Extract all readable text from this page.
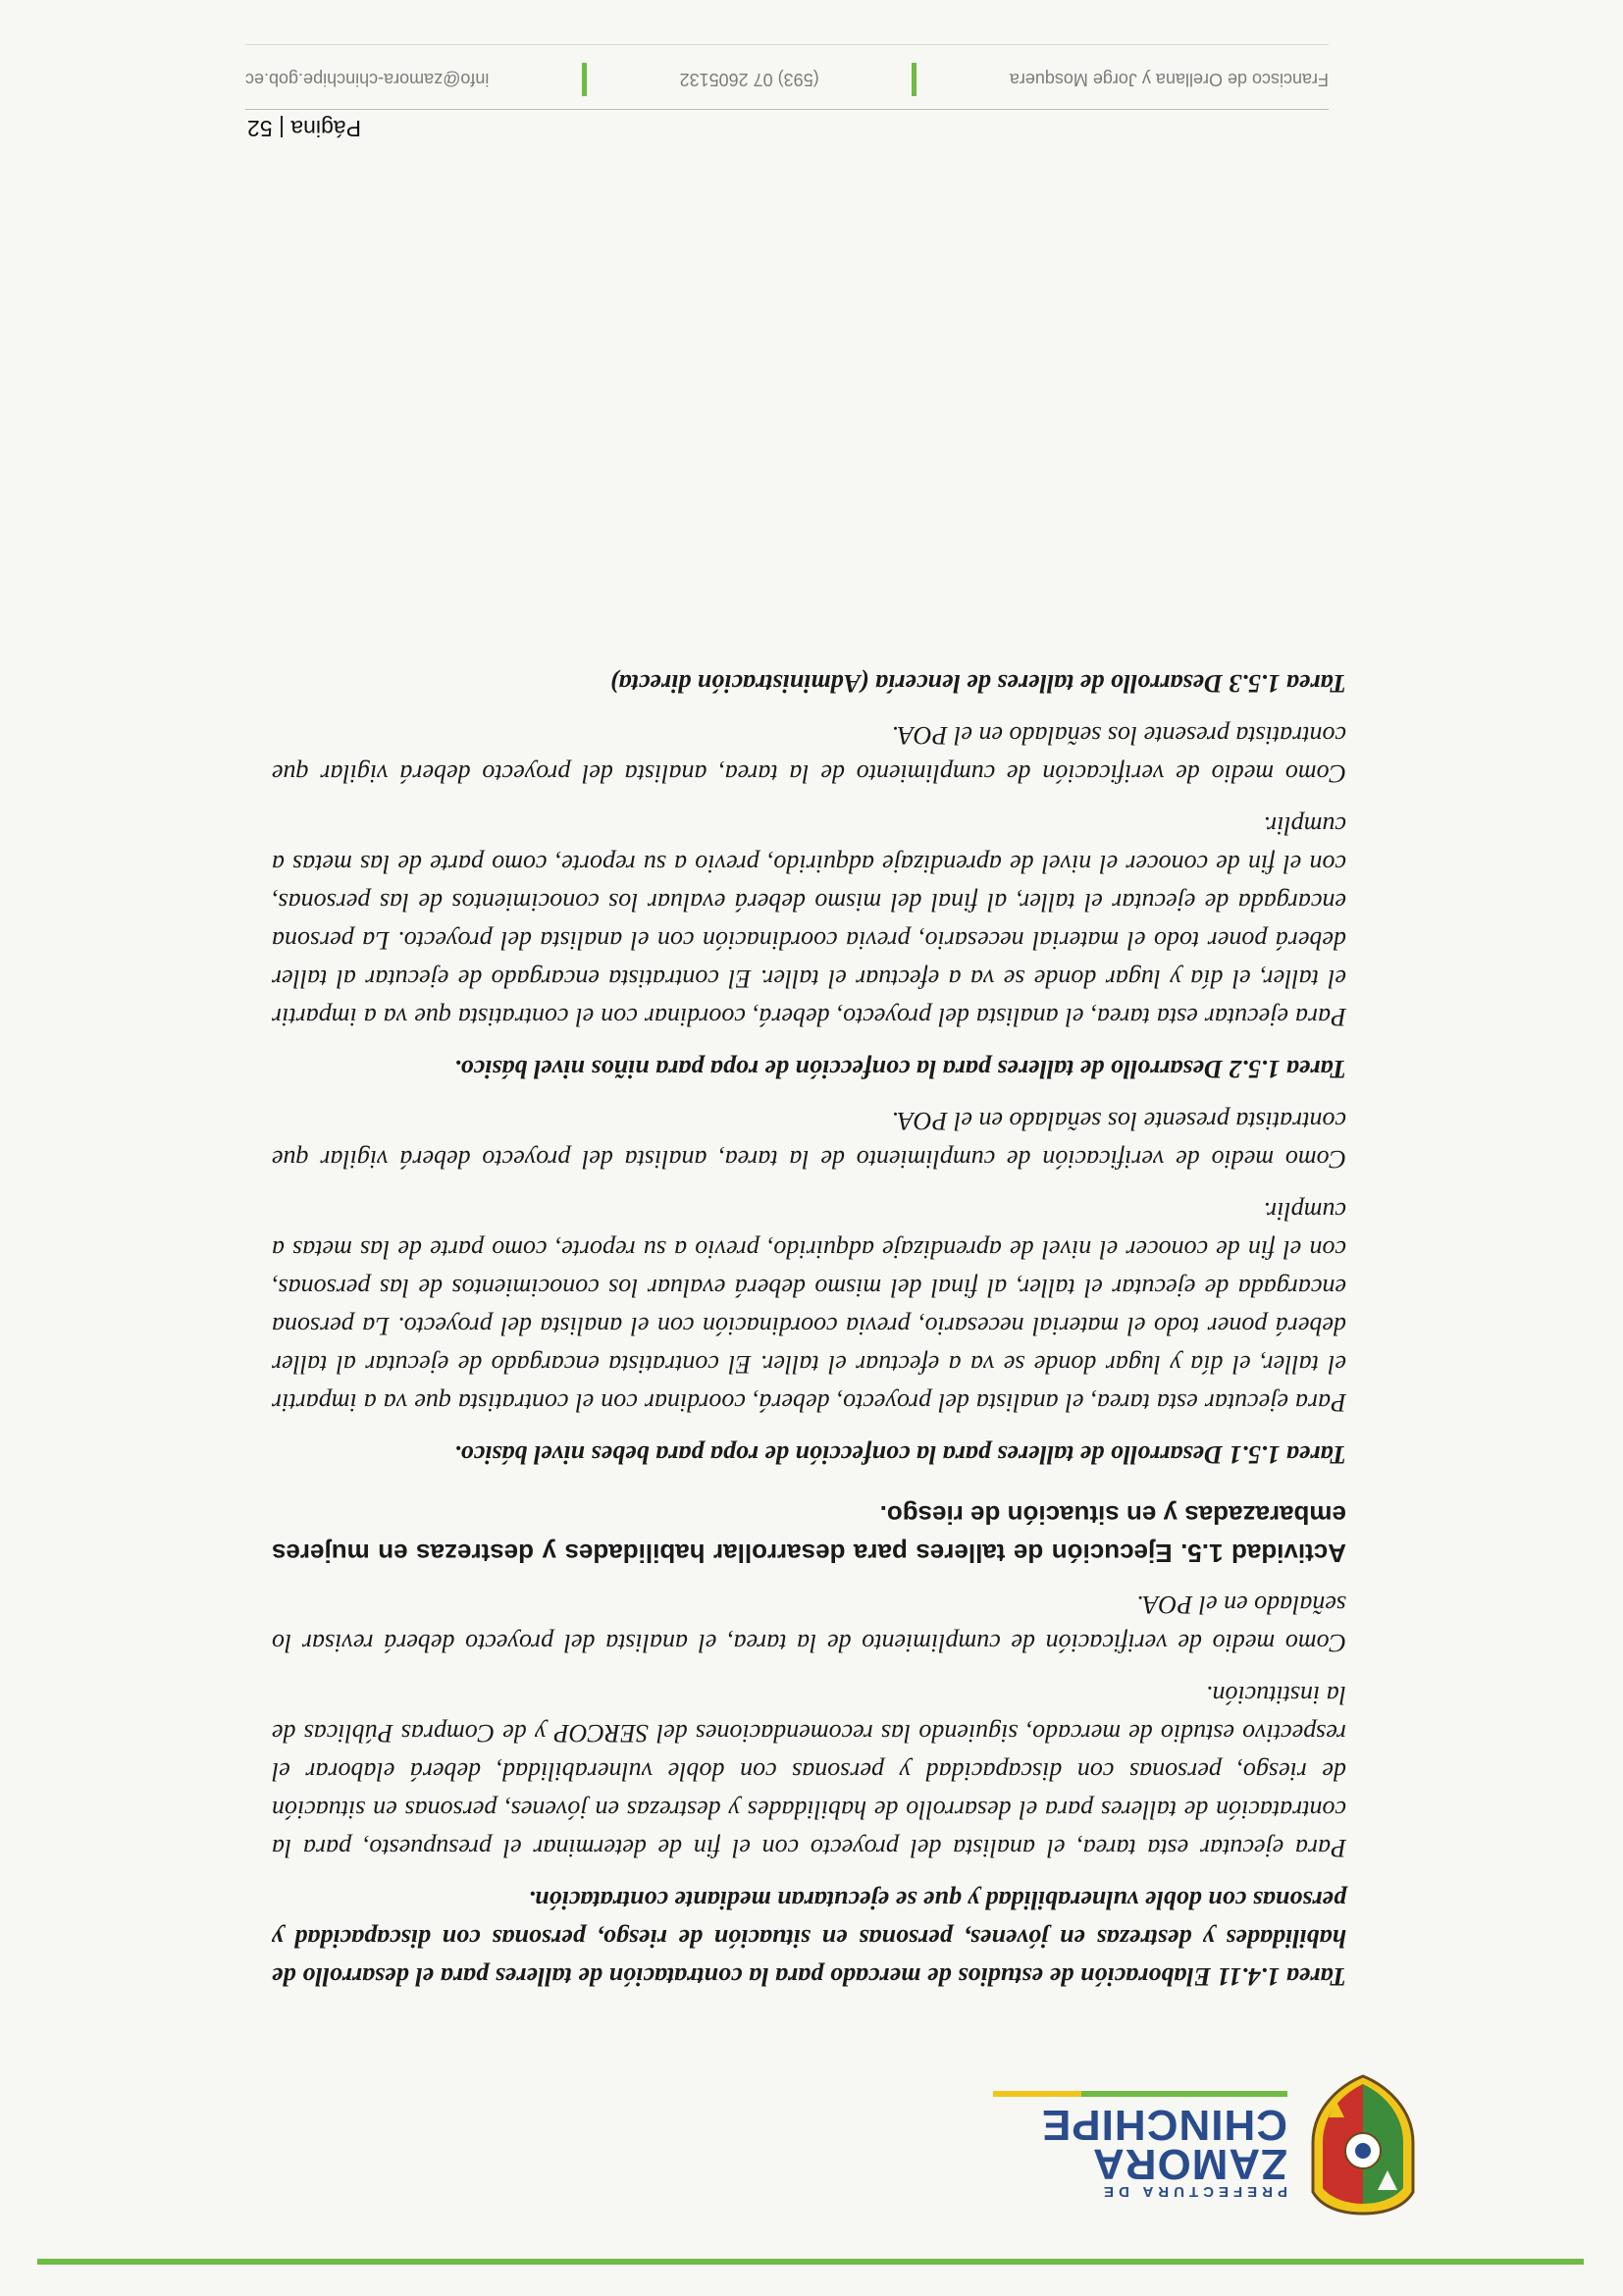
PREFECTURA DE
ZAMORA
CHINCHIPE
Tarea 1.4.11 Elaboración de estudios de mercado para la contratación de talleres para el desarrollo de habilidades y destrezas en jóvenes, personas en situación de riesgo, personas con discapacidad y personas con doble vulnerabilidad y que se ejecutaran mediante contratación.

Para ejecutar esta tarea, el analista del proyecto con el fin de determinar el presupuesto, para la contratación de talleres para el desarrollo de habilidades y destrezas en jóvenes, personas en situación de riesgo, personas con discapacidad y personas con doble vulnerabilidad, deberá elaborar el respectivo estudio de mercado, siguiendo las recomendaciones del SERCOP y de Compras Públicas de la institución.

Como medio de verificación de cumplimiento de la tarea, el analista del proyecto deberá revisar lo señalado en el POA.

Actividad 1.5. Ejecución de talleres para desarrollar habilidades y destrezas en mujeres embarazadas y en situación de riesgo.
Tarea 1.5.1 Desarrollo de talleres para la confección de ropa para bebes nivel básico.

Para ejecutar esta tarea, el analista del proyecto, deberá, coordinar con el contratista que va a impartir el taller, el día y lugar donde se va a efectuar el taller. El contratista encargado de ejecutar al taller deberá poner todo el material necesario, previa coordinación con el analista del proyecto. La persona encargada de ejecutar el taller, al final del mismo deberá evaluar los conocimientos de las personas, con el fin de conocer el nivel de aprendizaje adquirido, previo a su reporte, como parte de las metas a cumplir.

Como medio de verificación de cumplimiento de la tarea, analista del proyecto deberá vigilar que contratista presente los señalado en el POA.

Tarea 1.5.2 Desarrollo de talleres para la confección de ropa para niños nivel básico.

Para ejecutar esta tarea, el analista del proyecto, deberá, coordinar con el contratista que va a impartir el taller, el día y lugar donde se va a efectuar el taller. El contratista encargado de ejecutar al taller deberá poner todo el material necesario, previa coordinación con el analista del proyecto. La persona encargada de ejecutar el taller, al final del mismo deberá evaluar los conocimientos de las personas, con el fin de conocer el nivel de aprendizaje adquirido, previo a su reporte, como parte de las metas a cumplir.

Como medio de verificación de cumplimiento de la tarea, analista del proyecto deberá vigilar que contratista presente los señalado en el POA.

Tarea 1.5.3 Desarrollo de talleres de lencería (Administración directa)
Página | 52
Francisco de Orellana y Jorge Mosquera
(593) 07 2605132
info@zamora-chinchipe.gob.ec
